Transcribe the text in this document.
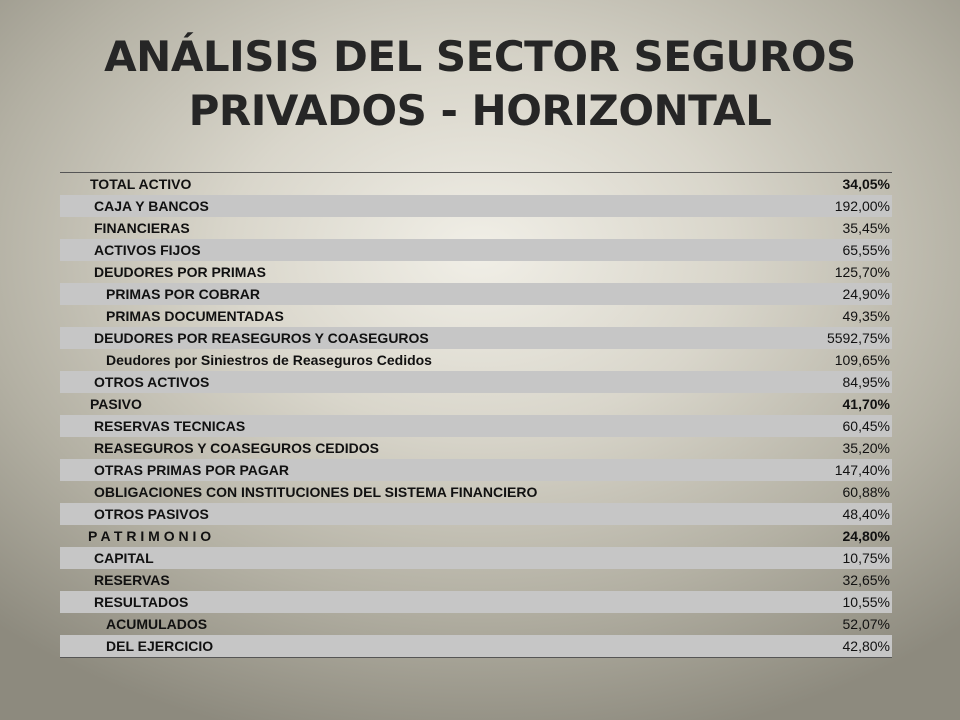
ANÁLISIS DEL SECTOR SEGUROS
PRIVADOS - HORIZONTAL
TOTAL ACTIVO	34,05%
CAJA Y BANCOS	192,00%
FINANCIERAS	35,45%
ACTIVOS FIJOS	65,55%
DEUDORES POR PRIMAS	125,70%
PRIMAS POR COBRAR	24,90%
PRIMAS DOCUMENTADAS	49,35%
DEUDORES POR REASEGUROS Y COASEGUROS	5592,75%
Deudores por Siniestros de Reaseguros Cedidos	109,65%
OTROS ACTIVOS	84,95%
PASIVO	41,70%
RESERVAS TECNICAS	60,45%
REASEGUROS Y COASEGUROS CEDIDOS	35,20%
OTRAS PRIMAS POR PAGAR	147,40%
OBLIGACIONES CON INSTITUCIONES DEL SISTEMA FINANCIERO	60,88%
OTROS PASIVOS	48,40%
P A T R I M O N I O	24,80%
CAPITAL	10,75%
RESERVAS	32,65%
RESULTADOS	10,55%
ACUMULADOS	52,07%
DEL EJERCICIO	42,80%
